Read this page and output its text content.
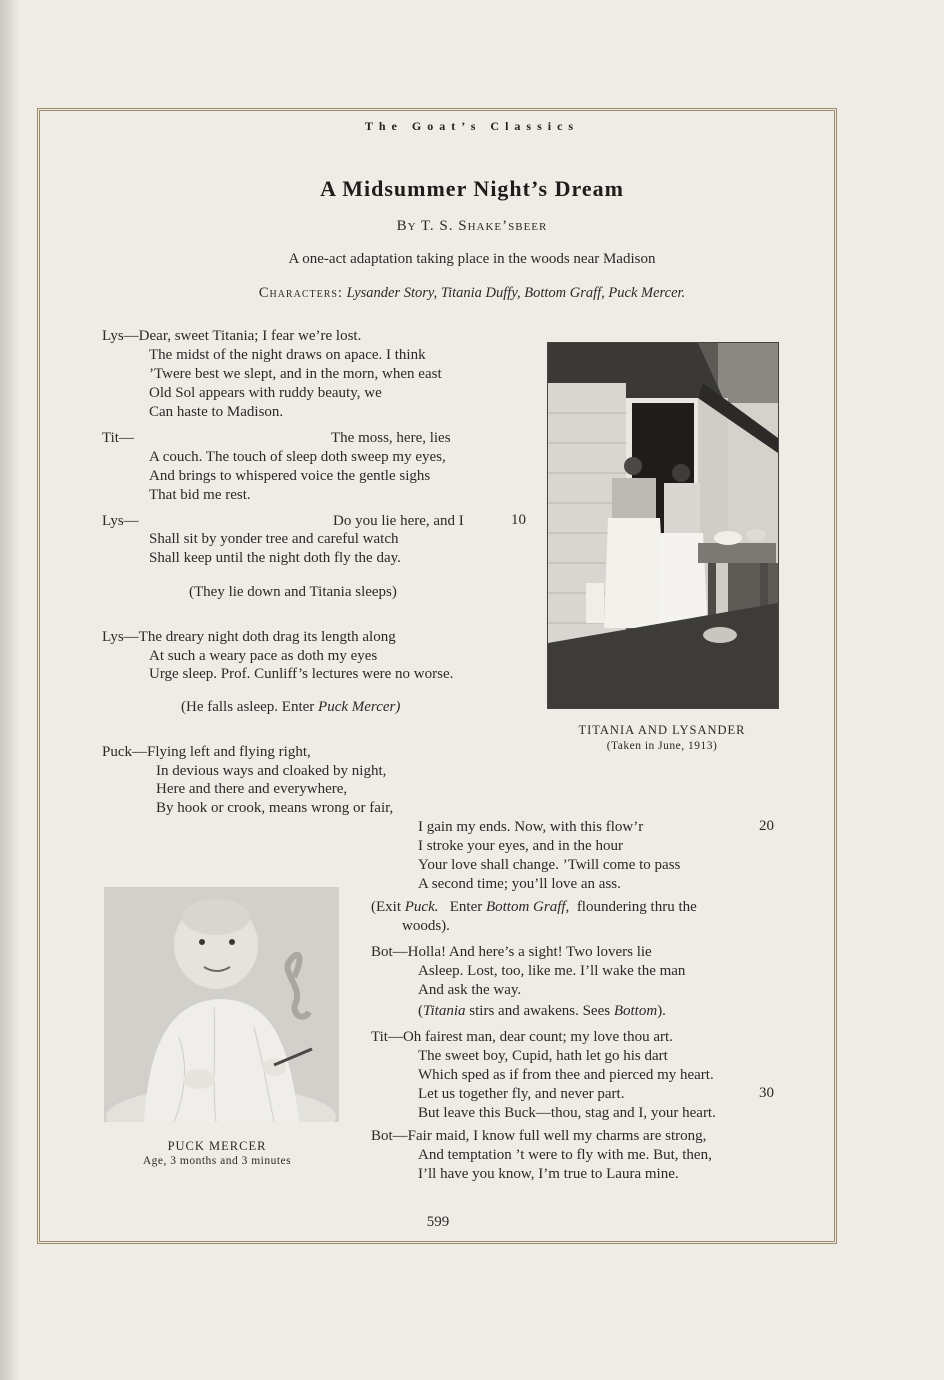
The Goat’s Classics
A Midsummer Night’s Dream
By T. S. Shake’sbeer
A one-act adaptation taking place in the woods near Madison
Characters: Lysander Story, Titania Duffy, Bottom Graff, Puck Mercer.
Lys—Dear, sweet Titania; I fear we’re lost.
The midst of the night draws on apace. I think
’Twere best we slept, and in the morn, when east
Old Sol appears with ruddy beauty, we
Can haste to Madison.
Tit—	The moss, here, lies
A couch. The touch of sleep doth sweep my eyes,
And brings to whispered voice the gentle sighs
That bid me rest.
Lys—	Do you lie here, and I	10
Shall sit by yonder tree and careful watch
Shall keep until the night doth fly the day.
(They lie down and Titania sleeps)
Lys—The dreary night doth drag its length along
At such a weary pace as doth my eyes
Urge sleep. Prof. Cunliff’s lectures were no worse.
(He falls asleep. Enter Puck Mercer)
TITANIA AND LYSANDER
(Taken in June, 1913)
Puck—Flying left and flying right,
In devious ways and cloaked by night,
Here and there and everywhere,
By hook or crook, means wrong or fair,
I gain my ends. Now, with this flow’r	20
I stroke your eyes, and in the hour
Your love shall change. ’Twill come to pass
A second time; you’ll love an ass.
(Exit Puck. Enter Bottom Graff, floundering thru the
woods).
Bot—Holla! And here’s a sight! Two lovers lie
Asleep. Lost, too, like me. I’ll wake the man
And ask the way.
(Titania stirs and awakens. Sees Bottom).
Tit—Oh fairest man, dear count; my love thou art.
The sweet boy, Cupid, hath let go his dart
Which sped as if from thee and pierced my heart.
Let us together fly, and never part.	30
But leave this Buck—thou, stag and I, your heart.
Bot—Fair maid, I know full well my charms are strong,
And temptation ’t were to fly with me. But, then,
I’ll have you know, I’m true to Laura mine.
PUCK MERCER
Age, 3 months and 3 minutes
599
